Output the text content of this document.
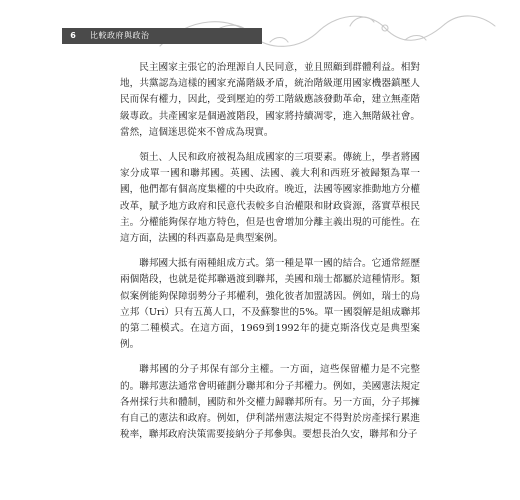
6	比較政府與政治

民主國家主張它的治理源自人民同意，並且照顧到群體利益。相對地，共黨認為這樣的國家充滿階級矛盾，統治階級運用國家機器鎮壓人民而保有權力，因此，受到壓迫的勞工階級應該發動革命，建立無產階級專政。共產國家是個過渡階段，國家將持續凋零，進入無階級社會。當然，這個迷思從來不曾成為現實。

領土、人民和政府被視為組成國家的三項要素。傳統上，學者將國家分成單一國和聯邦國。英國、法國、義大利和西班牙被歸類為單一國，他們都有個高度集權的中央政府。晚近，法國等國家推動地方分權改革，賦予地方政府和民意代表較多自治權限和財政資源，落實草根民主。分權能夠保存地方特色，但是也會增加分離主義出現的可能性。在這方面，法國的科西嘉島是典型案例。

聯邦國大抵有兩種組成方式。第一種是單一國的結合。它通常經歷兩個階段，也就是從邦聯過渡到聯邦，美國和瑞士都屬於這種情形。類似案例能夠保障弱勢分子邦權利，強化彼者加盟誘因。例如，瑞士的烏立邦（Uri）只有五萬人口，不及蘇黎世的5%。單一國裂解是組成聯邦的第二種模式。在這方面，1969到1992年的捷克斯洛伐克是典型案例。

聯邦國的分子邦保有部分主權。一方面，這些保留權力是不完整的。聯邦憲法通常會明確劃分聯邦和分子邦權力。例如，美國憲法規定各州採行共和體制，國防和外交權力歸聯邦所有。另一方面，分子邦擁有自己的憲法和政府。例如，伊利諾州憲法規定不得對於房產採行累進稅率，聯邦政府決策需要接納分子邦參與。要想長治久安，聯邦和分子
